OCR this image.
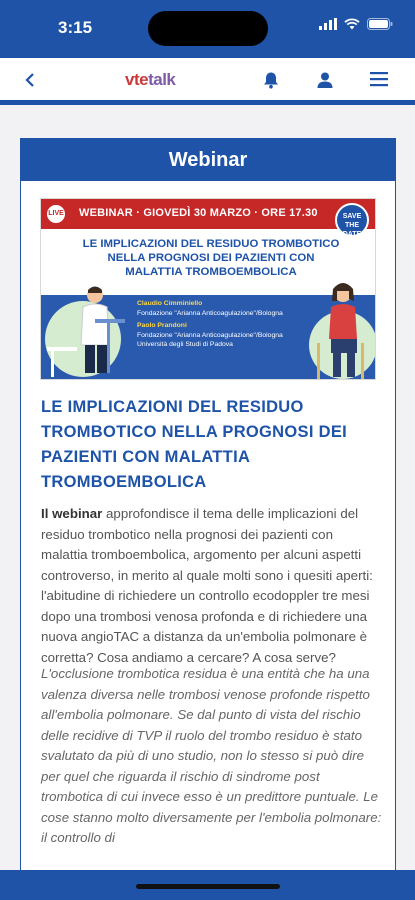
3:15
vtetalk
Webinar
LIVE WEBINAR · GIOVEDÌ 30 MARZO · ORE 17.30	SAVE THE DATE
LE IMPLICAZIONI DEL RESIDUO TROMBOTICO NELLA PROGNOSI DEI PAZIENTI CON MALATTIA TROMBOEMBOLICA
Claudio Cimminiello
Fondazione "Arianna Anticoagulazione"/Bologna
Paolo Prandoni
Fondazione "Arianna Anticoagulazione"/Bologna
Università degli Studi di Padova
LE IMPLICAZIONI DEL RESIDUO TROMBOTICO NELLA PROGNOSI DEI PAZIENTI CON MALATTIA TROMBOEMBOLICA

Il webinar approfondisce il tema delle implicazioni del residuo trombotico nella prognosi dei pazienti con malattia tromboembolica, argomento per alcuni aspetti controverso, in merito al quale molti sono i quesiti aperti: l'abitudine di richiedere un controllo ecodoppler tre mesi dopo una trombosi venosa profonda e di richiedere una nuova angioTAC a distanza da un'embolia polmonare è corretta? Cosa andiamo a cercare? A cosa serve?

L'occlusione trombotica residua è una entità che ha una valenza diversa nelle trombosi venose profonde rispetto all'embolia polmonare. Se dal punto di vista del rischio delle recidive di TVP il ruolo del trombo residuo è stato svalutato da più di uno studio, non lo stesso si può dire per quel che riguarda il rischio di sindrome post trombotica di cui invece esso è un predittore puntuale. Le cose stanno molto diversamente per l'embolia polmonare: il controllo di
